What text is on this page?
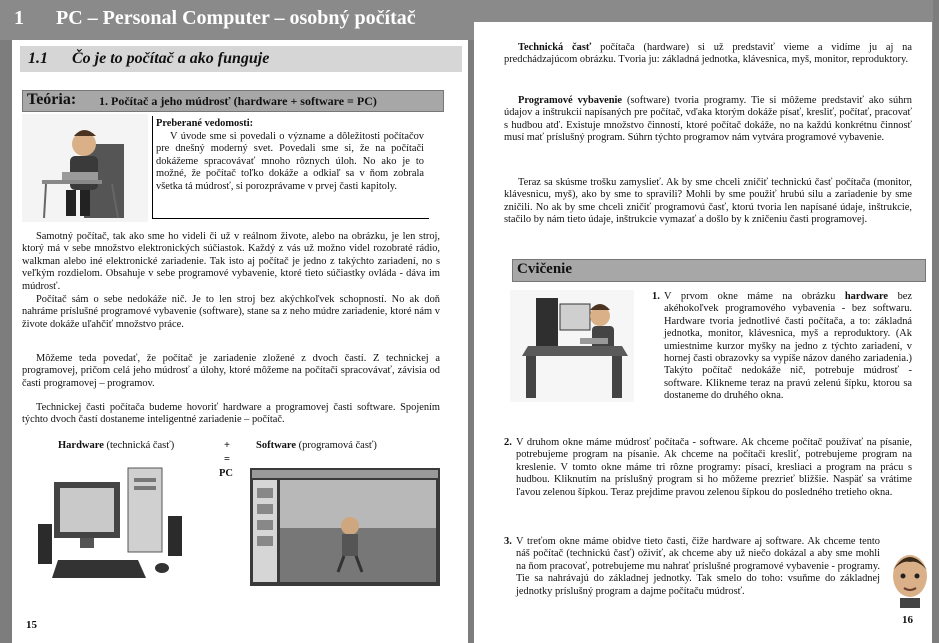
1 PC – Personal Computer – osobný počítač
1.1 Čo je to počítač a ako funguje
Teória: 1. Počítač a jeho múdrosť (hardware + software = PC)
Preberané vedomosti:

V úvode sme si povedali o význame a dôležitosti počítačov pre dnešný moderný svet. Povedali sme si, že na počítači dokážeme spracovávať mnoho rôznych úloh. No ako je to možné, že počítač toľko dokáže a odkiaľ sa v ňom zobrala všetka tá múdrosť, si porozprávame v prvej časti kapitoly.

Samotný počítač, tak ako sme ho videli či už v reálnom živote, alebo na obrázku, je len stroj, ktorý má v sebe množstvo elektronických súčiastok. Každý z vás už možno videl rozobraté rádio, walkman alebo iné elektronické zariadenie. Tak isto aj počítač je jedno z takýchto zariadení, no s veľkým rozdielom. Obsahuje v sebe programové vybavenie, ktoré tieto súčiastky ovláda - dáva im múdrosť.

Počítač sám o sebe nedokáže nič. Je to len stroj bez akýchkoľvek schopností. No ak doň nahráme príslušné programové vybavenie (software), stane sa z neho múdre zariadenie, ktoré nám v živote dokáže uľahčiť množstvo práce.

Môžeme teda povedať, že počítač je zariadenie zložené z dvoch častí. Z technickej a programovej, pričom celá jeho múdrosť a úlohy, ktoré môžeme na počítači spracovávať, závisia od časti programovej – programov.

Technickej časti počítača budeme hovoriť hardware a programovej časti software. Spojením týchto dvoch častí dostaneme inteligentné zariadenie – počítač.

Hardware (technická časť)	+ Software (programová časť)
=
PC
15

Technická časť počítača (hardware) si už predstaviť vieme a vidíme ju aj na predchádzajúcom obrázku. Tvoria ju: základná jednotka, klávesnica, myš, monitor, reproduktory.

Programové vybavenie (software) tvoria programy. Tie si môžeme predstaviť ako súhrn údajov a inštrukcií napísaných pre počítač, vďaka ktorým dokáže písať, kresliť, počítať, pracovať s hudbou atď. Existuje množstvo činností, ktoré počítač dokáže, no na každú konkrétnu činnosť musí mať príslušný program. Súhrn týchto programov nám vytvára programové vybavenie.

Teraz sa skúsme trošku zamyslieť. Ak by sme chceli zničiť technickú časť počítača (monitor, klávesnicu, myš), ako by sme to spravili? Mohli by sme použiť hrubú silu a zariadenie by sme zničili. No ak by sme chceli zničiť programovú časť, ktorú tvoria len napísané údaje, inštrukcie, stačilo by nám tieto údaje, inštrukcie vymazať a došlo by k zničeniu časti programovej.

Cvičenie
1. V prvom okne máme na obrázku hardware bez akéhokoľvek programového vybavenia - bez softwaru. Hardware tvoria jednotlivé časti počítača, a to: základná jednotka, monitor, klávesnica, myš a reproduktory. (Ak umiestnime kurzor myšky na jedno z týchto zariadení, v hornej časti obrazovky sa vypíše názov daného zariadenia.) Takýto počítač nedokáže nič, potrebuje múdrosť - software. Klikneme teraz na pravú zelenú šípku, ktorou sa dostaneme do druhého okna.

2. V druhom okne máme múdrosť počítača - software. Ak chceme počítač používať na písanie, potrebujeme program na písanie. Ak chceme na počítači kresliť, potrebujeme program na kreslenie. V tomto okne máme tri rôzne programy: písací, kresliaci a program na prácu s hudbou. Kliknutím na príslušný program si ho môžeme prezrieť bližšie. Naspäť sa vrátime ľavou zelenou šípkou. Teraz prejdime pravou zelenou šípkou do posledného tretieho okna.

3. V treťom okne máme obidve tieto časti, čiže hardware aj software. Ak chceme tento náš počítač (technickú časť) oživiť, ak chceme aby už niečo dokázal a aby sme mohli na ňom pracovať, potrebujeme mu nahrať príslušné programové vybavenie - programy. Tie sa nahrávajú do základnej jednotky. Tak smelo do toho: vsuňme do základnej jednotky príslušný program a dajme počítaču múdrosť.

16
